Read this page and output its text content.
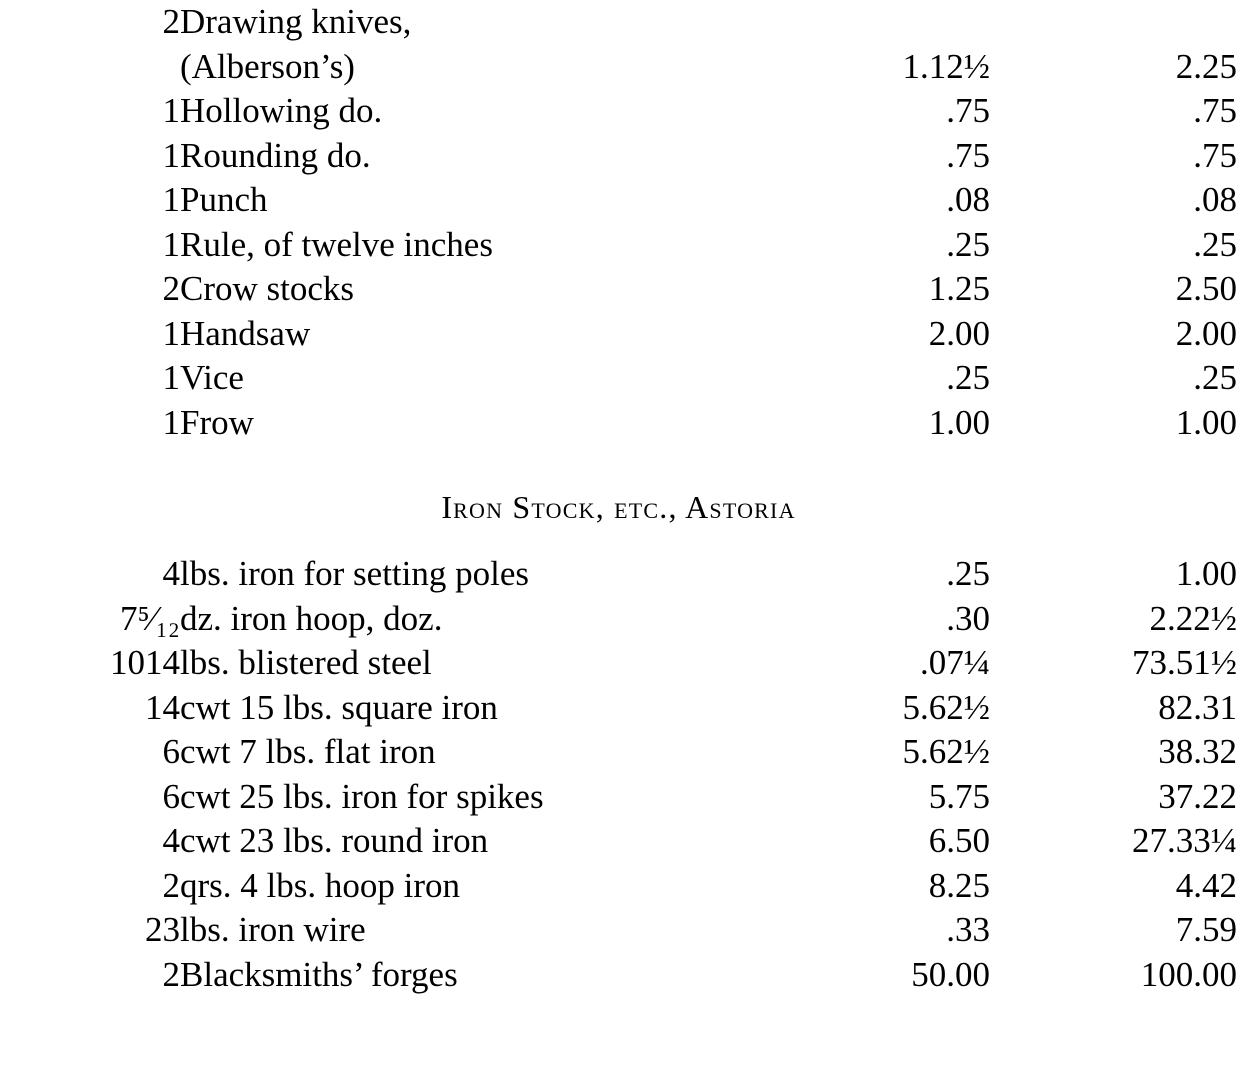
2	Drawing knives,		
	(Alberson’s)	1.12½	2.25
1	Hollowing do.	.75	.75
1	Rounding do.	.75	.75
1	Punch	.08	.08
1	Rule, of twelve inches	.25	.25
2	Crow stocks	1.25	2.50
1	Handsaw	2.00	2.00
1	Vice	.25	.25
1	Frow	1.00	1.00
Iron Stock, etc., Astoria
4	lbs. iron for setting poles	.25	1.00
7⁵⁄₁₂	dz. iron hoop, doz.	.30	2.22½
1014	lbs. blistered steel	.07¼	73.51½
14	cwt 15 lbs. square iron	5.62½	82.31
6	cwt 7 lbs. flat iron	5.62½	38.32
6	cwt 25 lbs. iron for spikes	5.75	37.22
4	cwt 23 lbs. round iron	6.50	27.33¼
2	qrs. 4 lbs. hoop iron	8.25	4.42
23	lbs. iron wire	.33	7.59
2	Blacksmiths’ forges	50.00	100.00
